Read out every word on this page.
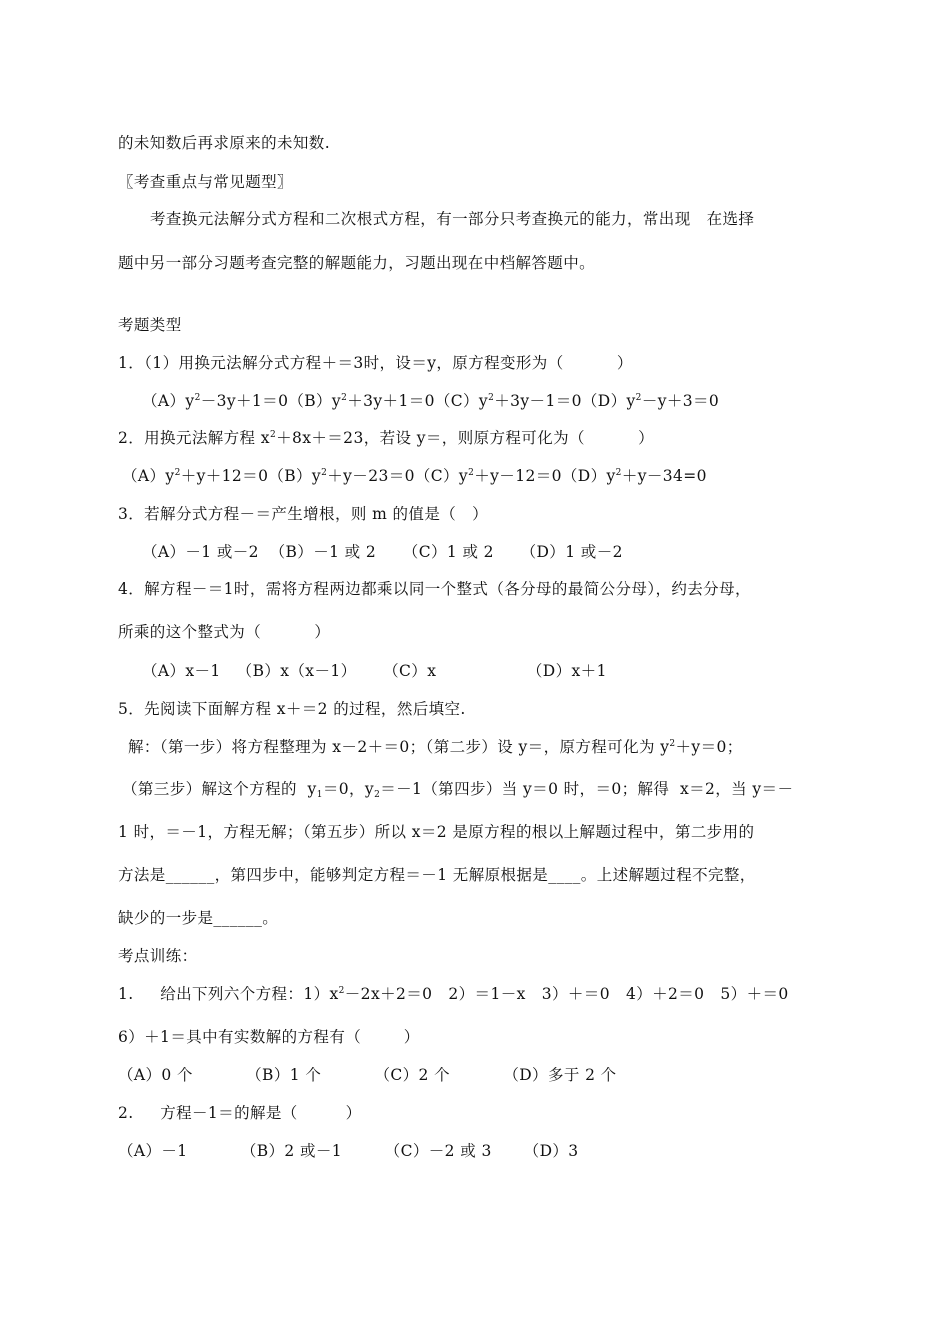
的未知数后再求原来的未知数.
〖考查重点与常见题型〗
考查换元法解分式方程和二次根式方程，有一部分只考查换元的能力，常出现   在选择
题中另一部分习题考查完整的解题能力，习题出现在中档解答题中。
考题类型
1．（1）用换元法解分式方程＋＝3时，设＝y，原方程变形为（          ）
$(A)y^2-3y+1=0(B)y^2+3y+1=0(C)y^2+3y-1=0(D)y^2-y+3=0$
2．用换元法解方程 $x^2+8x+=23$，若设 y＝，则原方程可化为（          ）
$(A)y^2+y+12=0(B)y^2+y-23=0(C)y^2+y-12=0(D)y^2+y-34=0$
3．若解分式方程－＝产生增根，则 m 的值是（   ）
（A）－1 或－2  （B）－1 或 2     （C）1 或 2     （D）1 或－2
4．解方程－＝1时，需将方程两边都乘以同一个整式（各分母的最简公分母），约去分母，
所乘的这个整式为（          ）
（A）x－1   （B）x（x－1）     （C）x                 （D）x＋1
5．先阅读下面解方程 x＋＝2 的过程，然后填空.
解：（第一步）将方程整理为 x－2＋＝0；（第二步）设 y＝，原方程可化为 $y^2+y=0$；
（第三步）解这个方程的  $y_1=0$，$y_2=-1$（第四步）当 y＝0 时，＝0；解得  x＝2，当 y＝－
1 时，＝－1，方程无解；（第五步）所以 x＝2 是原方程的根以上解题过程中，第二步用的
方法是______，第四步中，能够判定方程＝－1 无解原根据是____。上述解题过程不完整，
缺少的一步是______。
考点训练：
1.     给出下列六个方程：$1)x^2-2x+2=0$   2）＝1－x   3）＋＝0   4）＋2＝0   5）＋＝0
6）＋1＝具中有实数解的方程有（        ）
（A）0 个          （B）1 个          （C）2 个          （D）多于 2 个
2.     方程－1＝的解是（         ）
（A）－1          （B）2 或－1        （C）－2 或 3      （D）3
